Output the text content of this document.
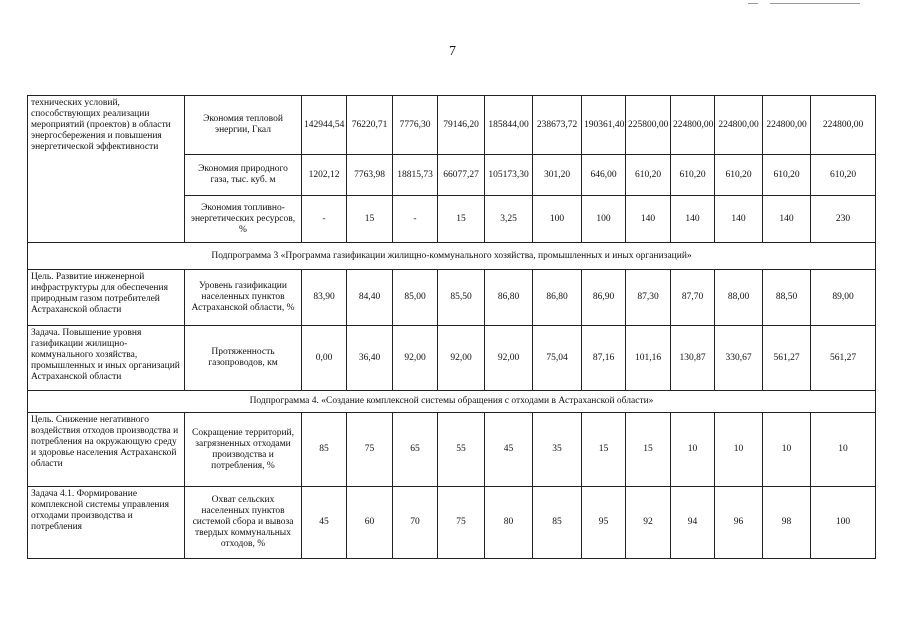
7
технических условий, способствующих реализации мероприятий (проектов) в области энергосбережения и повышения энергетической эффективности	Экономия тепловой энергии, Гкал	142944,54	76220,71	7776,30	79146,20	185844,00	238673,72	190361,40	225800,00	224800,00	224800,00	224800,00	224800,00
	Экономия природного газа, тыс. куб. м	1202,12	7763,98	18815,73	66077,27	105173,30	301,20	646,00	610,20	610,20	610,20	610,20	610,20
	Экономия топливно-энергетических ресурсов, %	-	15	-	15	3,25	100	100	140	140	140	140	230
Подпрограмма 3 «Программа газификации жилищно-коммунального хозяйства, промышленных и иных организаций»													
Цель. Развитие инженерной инфраструктуры для обеспечения природным газом потребителей Астраханской области	Уровень газификации населенных пунктов Астраханской области, %	83,90	84,40	85,00	85,50	86,80	86,80	86,90	87,30	87,70	88,00	88,50	89,00
Задача. Повышение уровня газификации жилищно-коммунального хозяйства, промышленных и иных организаций Астраханской области	Протяженность газопроводов, км	0,00	36,40	92,00	92,00	92,00	75,04	87,16	101,16	130,87	330,67	561,27	561,27
Подпрограмма 4. «Создание комплексной системы обращения с отходами в Астраханской области»													
Цель. Снижение негативного воздействия отходов производства и потребления на окружающую среду и здоровье населения Астраханской области	Сокращение территорий, загрязненных отходами производства и потребления, %	85	75	65	55	45	35	15	15	10	10	10	10
Задача 4.1. Формирование комплексной системы управления отходами производства и потребления	Охват сельских населенных пунктов системой сбора и вывоза твердых коммунальных отходов, %	45	60	70	75	80	85	95	92	94	96	98	100
